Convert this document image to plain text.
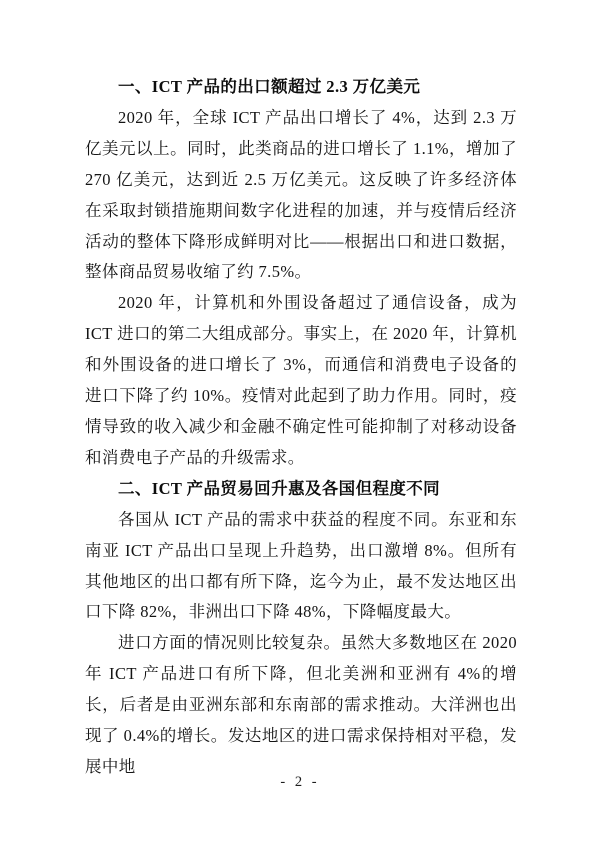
一、ICT 产品的出口额超过 2.3 万亿美元

2020 年，全球 ICT 产品出口增长了 4%，达到 2.3 万亿美元以上。同时，此类商品的进口增长了 1.1%，增加了 270 亿美元，达到近 2.5 万亿美元。这反映了许多经济体在采取封锁措施期间数字化进程的加速，并与疫情后经济活动的整体下降形成鲜明对比——根据出口和进口数据，整体商品贸易收缩了约 7.5%。

2020 年，计算机和外围设备超过了通信设备，成为 ICT 进口的第二大组成部分。事实上，在 2020 年，计算机和外围设备的进口增长了 3%，而通信和消费电子设备的进口下降了约 10%。疫情对此起到了助力作用。同时，疫情导致的收入减少和金融不确定性可能抑制了对移动设备和消费电子产品的升级需求。

二、ICT 产品贸易回升惠及各国但程度不同

各国从 ICT 产品的需求中获益的程度不同。东亚和东南亚 ICT 产品出口呈现上升趋势，出口激增 8%。但所有其他地区的出口都有所下降，迄今为止，最不发达地区出口下降 82%，非洲出口下降 48%，下降幅度最大。

进口方面的情况则比较复杂。虽然大多数地区在 2020 年 ICT 产品进口有所下降，但北美洲和亚洲有 4%的增长，后者是由亚洲东部和东南部的需求推动。大洋洲也出现了 0.4%的增长。发达地区的进口需求保持相对平稳，发展中地

- 2 -
